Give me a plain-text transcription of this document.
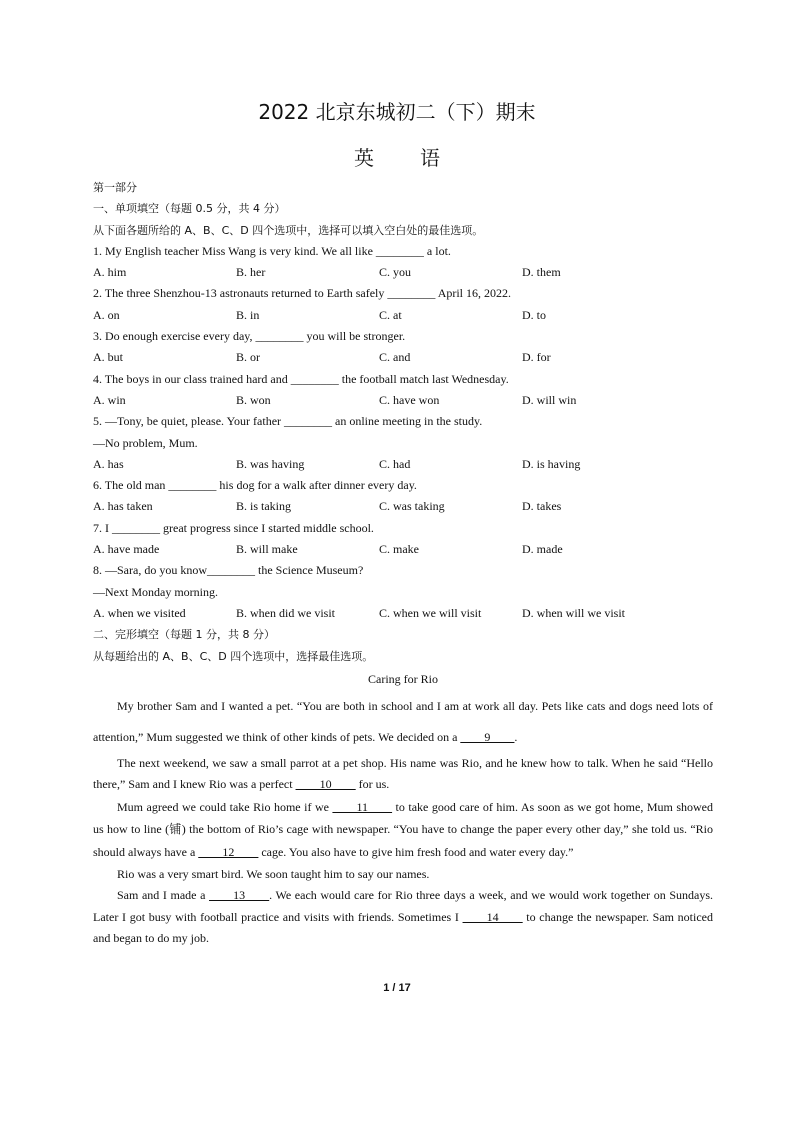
2022 北京东城初二（下）期末
英 语
第一部分
一、单项填空（每题 0.5 分，共 4 分）
从下面各题所给的 A、B、C、D 四个选项中，选择可以填入空白处的最佳选项。
1. My English teacher Miss Wang is very kind. We all like ________ a lot.
A. him	B. her	C. you	D. them
2. The three Shenzhou-13 astronauts returned to Earth safely ________ April 16, 2022.
A. on	B. in	C. at	D. to
3. Do enough exercise every day, ________ you will be stronger.
A. but	B. or	C. and	D. for
4. The boys in our class trained hard and ________ the football match last Wednesday.
A. win	B. won	C. have won	D. will win
5. —Tony, be quiet, please. Your father ________ an online meeting in the study.
—No problem, Mum.
A. has	B. was having	C. had	D. is having
6. The old man ________ his dog for a walk after dinner every day.
A. has taken	B. is taking	C. was taking	D. takes
7. I ________ great progress since I started middle school.
A. have made	B. will make	C. make	D. made
8. —Sara, do you know________ the Science Museum?
—Next Monday morning.
A. when we visited	B. when did we visit	C. when we will visit	D. when will we visit
二、完形填空（每题 1 分，共 8 分）
从每题给出的 A、B、C、D 四个选项中，选择最佳选项。
Caring for Rio
My brother Sam and I wanted a pet. “You are both in school and I am at work all day. Pets like cats and dogs need lots of attention,” Mum suggested we think of other kinds of pets. We decided on a ____9____.
The next weekend, we saw a small parrot at a pet shop. His name was Rio, and he knew how to talk. When he said “Hello there,” Sam and I knew Rio was a perfect ____10____ for us.
Mum agreed we could take Rio home if we ____11____ to take good care of him. As soon as we got home, Mum showed us how to line (铺) the bottom of Rio’s cage with newspaper. “You have to change the paper every other day,” she told us. “Rio should always have a ____12____ cage. You also have to give him fresh food and water every day.”
Rio was a very smart bird. We soon taught him to say our names.
Sam and I made a ____13____. We each would care for Rio three days a week, and we would work together on Sundays. Later I got busy with football practice and visits with friends. Sometimes I ____14____ to change the newspaper. Sam noticed and began to do my job.
1 / 17
